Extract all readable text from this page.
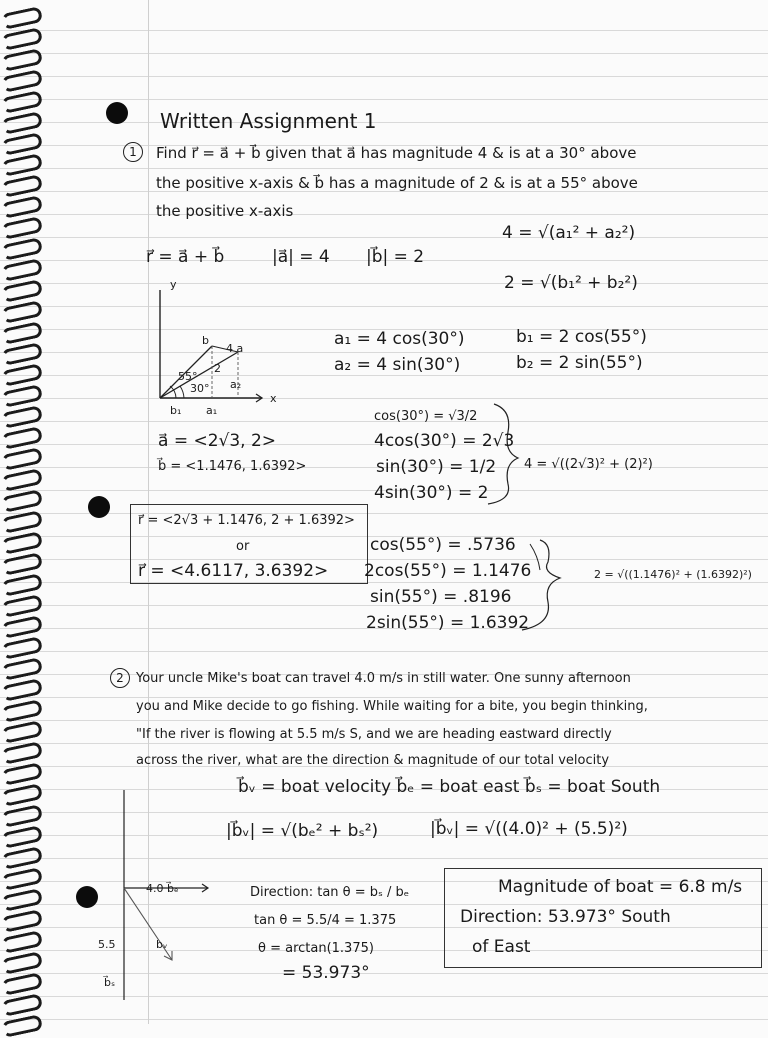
Written Assignment 1
1	Find r⃗ = a⃗ + b⃗ given that a⃗ has magnitude 4 & is at a 30° above
the positive x-axis & b⃗ has a magnitude of 2 & is at a 55° above
the positive x-axis
r⃗ = a⃗ + b⃗	|a⃗| = 4 |b⃗| = 2
4 = √(a₁² + a₂²)
2 = √(b₁² + b₂²)
a₁ = 4 cos(30°)
a₂ = 4 sin(30°)
b₁ = 2 cos(55°)
b₂ = 2 sin(55°)
y
x
b
4 a
55°
30° a₂
b₁ a₁
2
a⃗ = <2√3, 2>
b⃗ = <1.1476, 1.6392>
cos(30°) = √3/2
4cos(30°) = 2√3
sin(30°) = 1/2
4sin(30°) = 2
4 = √((2√3)² + (2)²)
r⃗ = <2√3 + 1.1476, 2 + 1.6392>
or
r⃗ = <4.6117, 3.6392>
cos(55°) = .5736
2cos(55°) = 1.1476
sin(55°) = .8196
2sin(55°) = 1.6392
2 = √((1.1476)² + (1.6392)²)
2 Your uncle Mike's boat can travel 4.0 m/s in still water. One sunny afternoon
you and Mike decide to go fishing. While waiting for a bite, you begin thinking,
"If the river is flowing at 5.5 m/s S, and we are heading eastward directly
across the river, what are the direction & magnitude of our total velocity
b⃗ᵥ = boat velocity b⃗ₑ = boat east b⃗ₛ = boat South
|b⃗ᵥ| = √(bₑ² + bₛ²)	|b⃗ᵥ| = √((4.0)² + (5.5)²)
4.0 b⃗ₑ
5.5
b⃗ₛ
bᵥ
Direction: tan θ = bₛ / bₑ
tan θ = 5.5/4 = 1.375
θ = arctan(1.375)
= 53.973°
Magnitude of boat = 6.8 m/s
Direction: 53.973° South
of East
